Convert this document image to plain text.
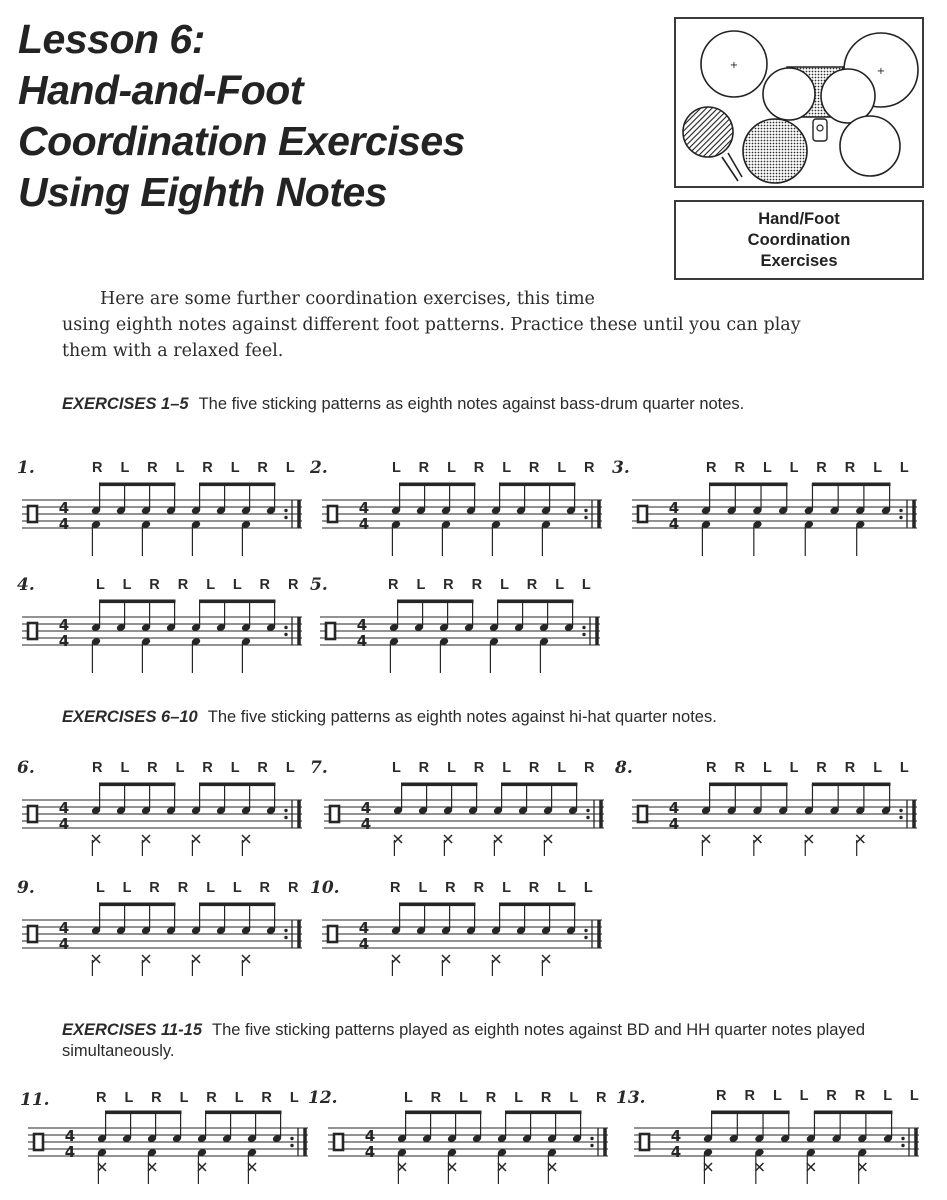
Lesson 6:
Hand-and-Foot
Coordination Exercises
Using Eighth Notes
+
+
Hand/Foot Coordination Exercises
Here are some further coordination exercises, this time
using eighth notes against different foot patterns. Practice these until you can play
them with a relaxed feel.
EXERCISES 1–5 The five sticking patterns as eighth notes against bass-drum quarter notes.
EXERCISES 6–10 The five sticking patterns as eighth notes against hi-hat quarter notes.
EXERCISES 11-15 The five sticking patterns played as eighth notes against BD and HH quarter notes played simultaneously.
1.	R L R L R L R L
4
4
2.	L R L R L R L R
4
4
3.	R R L L R R L L
4
4
4.	L L R R L L R R
4
4
5.	R L R R L R L L
4
4
6.	R L R L R L R L
4
4
7.	L R L R L R L R
4
4
8.	R R L L R R L L
4
4
9.	L L R R L L R R
4
4
10.	R L R R L R L L
4
4
11.	R L R L R L R L
4
4
12.	L R L R L R L R
4
4
13.	R R L L R R L L
4
4
